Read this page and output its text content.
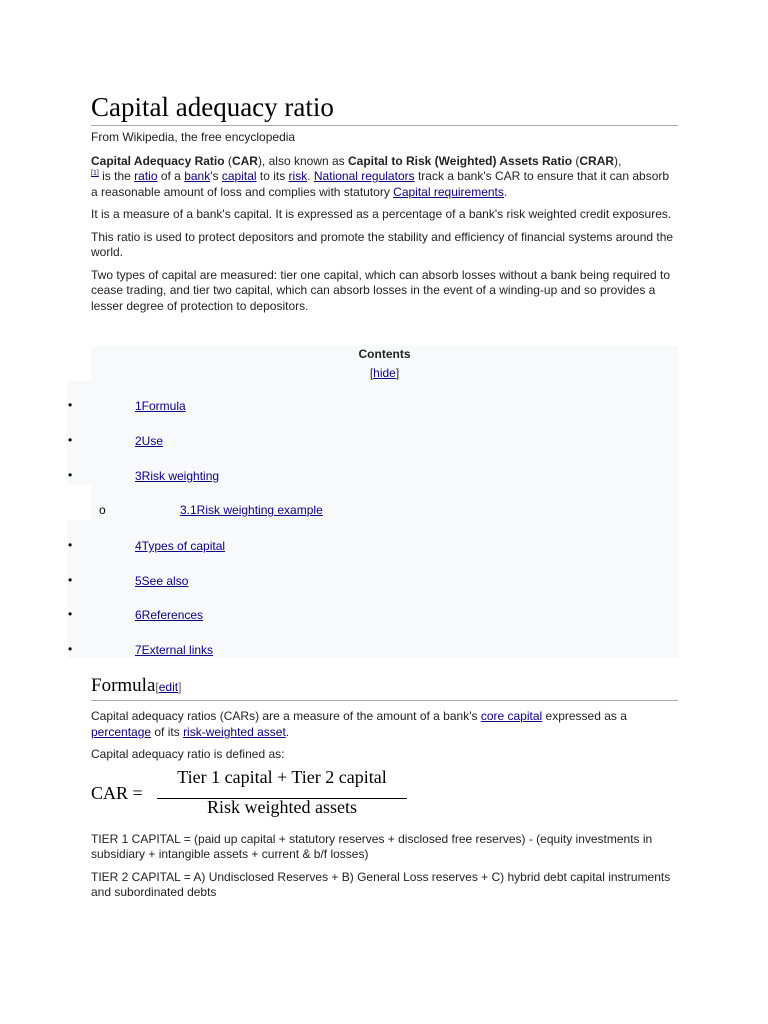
Capital adequacy ratio
From Wikipedia, the free encyclopedia

Capital Adequacy Ratio (CAR), also known as Capital to Risk (Weighted) Assets Ratio (CRAR),
[1] is the ratio of a bank's capital to its risk. National regulators track a bank's CAR to ensure that it can absorb a reasonable amount of loss and complies with statutory Capital requirements.

It is a measure of a bank's capital. It is expressed as a percentage of a bank's risk weighted credit exposures.

This ratio is used to protect depositors and promote the stability and efficiency of financial systems around the world.

Two types of capital are measured: tier one capital, which can absorb losses without a bank being required to cease trading, and tier two capital, which can absorb losses in the event of a winding-up and so provides a lesser degree of protection to depositors.

Contents
[hide]
•	1Formula
•	2Use
•	3Risk weighting
o	3.1Risk weighting example
•	4Types of capital
•	5See also
•	6References
•	7External links
Formula[edit]

Capital adequacy ratios (CARs) are a measure of the amount of a bank's core capital expressed as a percentage of its risk-weighted asset.

Capital adequacy ratio is defined as:

CAR =
Tier 1 capital + Tier 2 capital
Risk weighted assets

TIER 1 CAPITAL = (paid up capital + statutory reserves + disclosed free reserves) - (equity investments in subsidiary + intangible assets + current & b/f losses)

TIER 2 CAPITAL = A) Undisclosed Reserves + B) General Loss reserves + C) hybrid debt capital instruments and subordinated debts
